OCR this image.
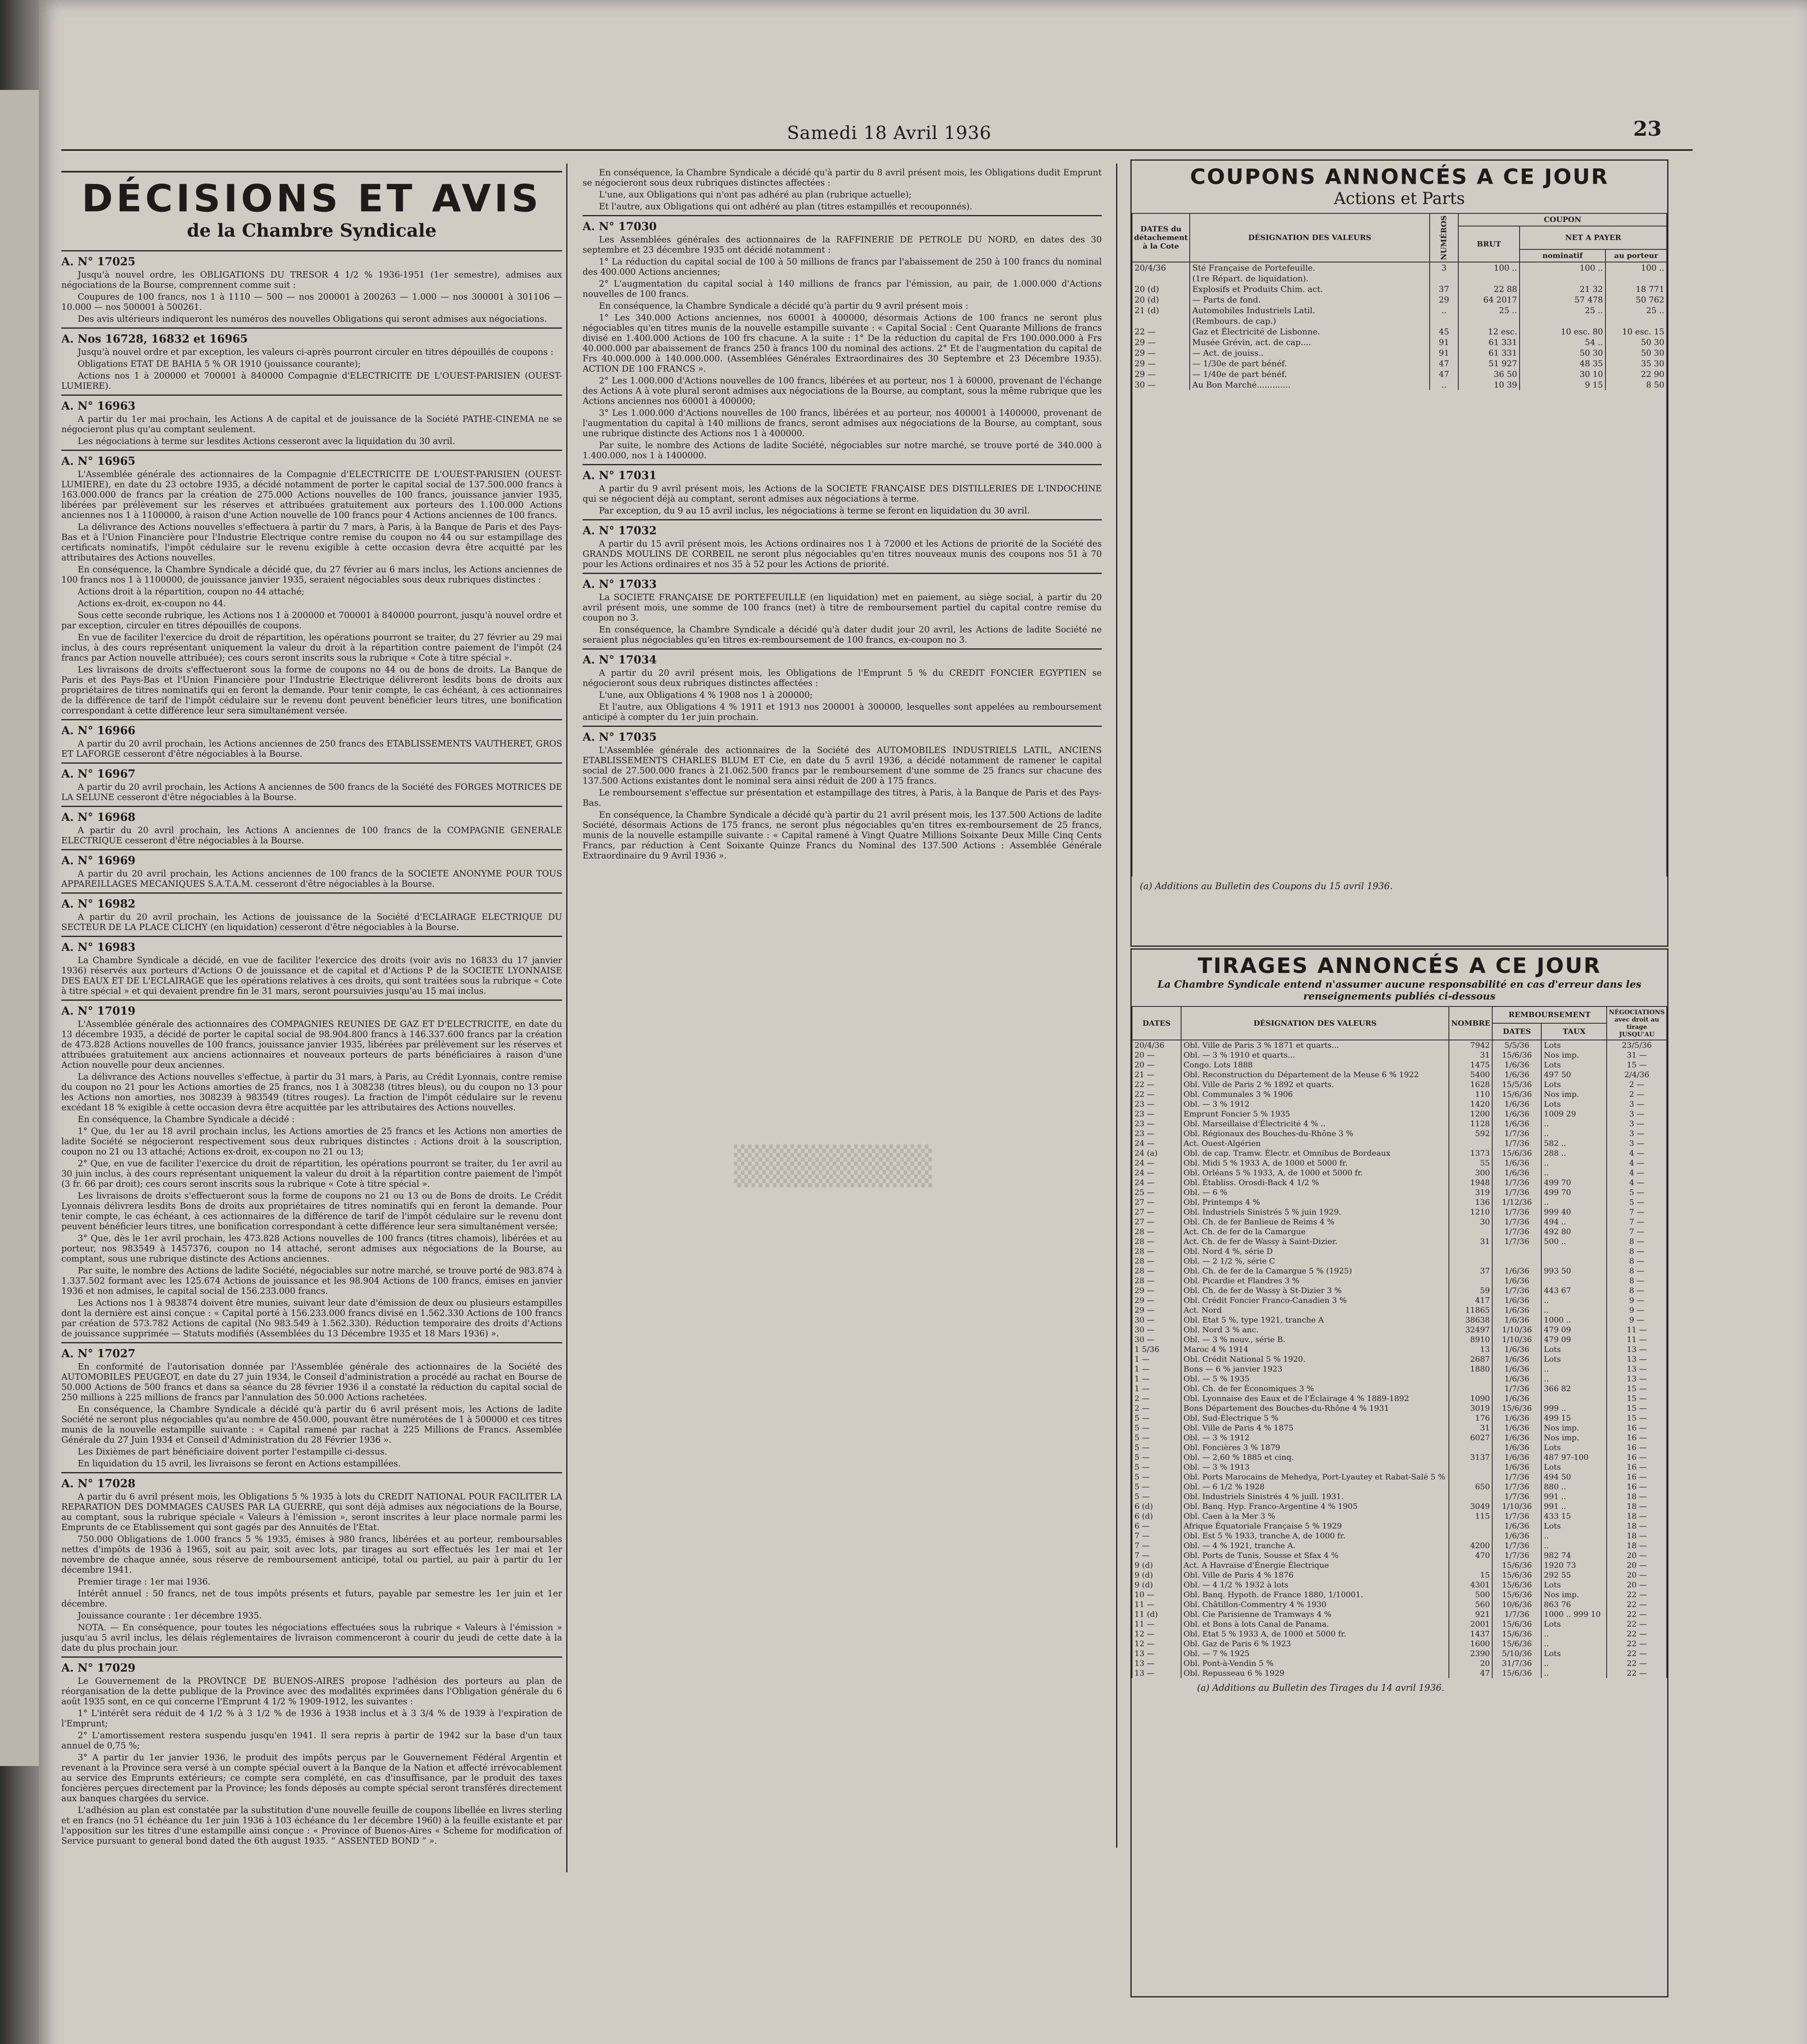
Samedi 18 Avril 1936	23
▒▒▒▒▒▒▒
DÉCISIONS ET AVIS
de la Chambre Syndicale
A. N° 17025

Jusqu'à nouvel ordre, les OBLIGATIONS DU TRESOR 4 1/2 % 1936-1951 (1er semestre), admises aux négociations de la Bourse, comprennent comme suit :

Coupures de 100 francs, nos 1 à 1110 — 500 — nos 200001 à 200263 — 1.000 — nos 300001 à 301106 — 10.000 — nos 500001 à 500261.

Des avis ultérieurs indiqueront les numéros des nouvelles Obligations qui seront admises aux négociations.

A. Nos 16728, 16832 et 16965

Jusqu'à nouvel ordre et par exception, les valeurs ci-après pourront circuler en titres dépouillés de coupons :

Obligations ETAT DE BAHIA 5 % OR 1910 (jouissance courante);

Actions nos 1 à 200000 et 700001 à 840000 Compagnie d'ELECTRICITE DE L'OUEST-PARISIEN (OUEST-LUMIERE).

A. N° 16963

A partir du 1er mai prochain, les Actions A de capital et de jouissance de la Société PATHE-CINEMA ne se négocieront plus qu'au comptant seulement.

Les négociations à terme sur lesdites Actions cesseront avec la liquidation du 30 avril.

A. N° 16965

L'Assemblée générale des actionnaires de la Compagnie d'ELECTRICITE DE L'OUEST-PARISIEN (OUEST-LUMIERE), en date du 23 octobre 1935, a décidé notamment de porter le capital social de 137.500.000 francs à 163.000.000 de francs par la création de 275.000 Actions nouvelles de 100 francs, jouissance janvier 1935, libérées par prélèvement sur les réserves et attribuées gratuitement aux porteurs des 1.100.000 Actions anciennes nos 1 à 1100000, à raison d'une Action nouvelle de 100 francs pour 4 Actions anciennes de 100 francs.

La délivrance des Actions nouvelles s'effectuera à partir du 7 mars, à Paris, à la Banque de Paris et des Pays-Bas et à l'Union Financière pour l'Industrie Electrique contre remise du coupon no 44 ou sur estampillage des certificats nominatifs, l'impôt cédulaire sur le revenu exigible à cette occasion devra être acquitté par les attributaires des Actions nouvelles.

En conséquence, la Chambre Syndicale a décidé que, du 27 février au 6 mars inclus, les Actions anciennes de 100 francs nos 1 à 1100000, de jouissance janvier 1935, seraient négociables sous deux rubriques distinctes :

Actions droit à la répartition, coupon no 44 attaché;

Actions ex-droit, ex-coupon no 44.

Sous cette seconde rubrique, les Actions nos 1 à 200000 et 700001 à 840000 pourront, jusqu'à nouvel ordre et par exception, circuler en titres dépouillés de coupons.

En vue de faciliter l'exercice du droit de répartition, les opérations pourront se traiter, du 27 février au 29 mai inclus, à des cours représentant uniquement la valeur du droit à la répartition contre paiement de l'impôt (24 francs par Action nouvelle attribuée); ces cours seront inscrits sous la rubrique « Cote à titre spécial ».

Les livraisons de droits s'effectueront sous la forme de coupons no 44 ou de bons de droits. La Banque de Paris et des Pays-Bas et l'Union Financière pour l'Industrie Electrique délivreront lesdits bons de droits aux propriétaires de titres nominatifs qui en feront la demande. Pour tenir compte, le cas échéant, à ces actionnaires de la différence de tarif de l'impôt cédulaire sur le revenu dont peuvent bénéficier leurs titres, une bonification correspondant à cette différence leur sera simultanément versée.

A. N° 16966

A partir du 20 avril prochain, les Actions anciennes de 250 francs des ETABLISSEMENTS VAUTHERET, GROS ET LAFORGE cesseront d'être négociables à la Bourse.

A. N° 16967

A partir du 20 avril prochain, les Actions A anciennes de 500 francs de la Société des FORGES MOTRICES DE LA SELUNE cesseront d'être négociables à la Bourse.

A. N° 16968

A partir du 20 avril prochain, les Actions A anciennes de 100 francs de la COMPAGNIE GENERALE ELECTRIQUE cesseront d'être négociables à la Bourse.

A. N° 16969

A partir du 20 avril prochain, les Actions anciennes de 100 francs de la SOCIETE ANONYME POUR TOUS APPAREILLAGES MECANIQUES S.A.T.A.M. cesseront d'être négociables à la Bourse.

A. N° 16982

A partir du 20 avril prochain, les Actions de jouissance de la Société d'ECLAIRAGE ELECTRIQUE DU SECTEUR DE LA PLACE CLICHY (en liquidation) cesseront d'être négociables à la Bourse.

A. N° 16983

La Chambre Syndicale a décidé, en vue de faciliter l'exercice des droits (voir avis no 16833 du 17 janvier 1936) réservés aux porteurs d'Actions O de jouissance et de capital et d'Actions P de la SOCIETE LYONNAISE DES EAUX ET DE L'ECLAIRAGE que les opérations relatives à ces droits, qui sont traitées sous la rubrique « Cote à titre spécial » et qui devaient prendre fin le 31 mars, seront poursuivies jusqu'au 15 mai inclus.

A. N° 17019

L'Assemblée générale des actionnaires des COMPAGNIES REUNIES DE GAZ ET D'ELECTRICITE, en date du 13 décembre 1935, a décidé de porter le capital social de 98.904.800 francs à 146.337.600 francs par la création de 473.828 Actions nouvelles de 100 francs, jouissance janvier 1935, libérées par prélèvement sur les réserves et attribuées gratuitement aux anciens actionnaires et nouveaux porteurs de parts bénéficiaires à raison d'une Action nouvelle pour deux anciennes.

La délivrance des Actions nouvelles s'effectue, à partir du 31 mars, à Paris, au Crédit Lyonnais, contre remise du coupon no 21 pour les Actions amorties de 25 francs, nos 1 à 308238 (titres bleus), ou du coupon no 13 pour les Actions non amorties, nos 308239 à 983549 (titres rouges). La fraction de l'impôt cédulaire sur le revenu excédant 18 % exigible à cette occasion devra être acquittée par les attributaires des Actions nouvelles.

En conséquence, la Chambre Syndicale a décidé :

1° Que, du 1er au 18 avril prochain inclus, les Actions amorties de 25 francs et les Actions non amorties de ladite Société se négocieront respectivement sous deux rubriques distinctes : Actions droit à la souscription, coupon no 21 ou 13 attaché; Actions ex-droit, ex-coupon no 21 ou 13;

2° Que, en vue de faciliter l'exercice du droit de répartition, les opérations pourront se traiter, du 1er avril au 30 juin inclus, à des cours représentant uniquement la valeur du droit à la répartition contre paiement de l'impôt (3 fr. 66 par droit); ces cours seront inscrits sous la rubrique « Cote à titre spécial ».

Les livraisons de droits s'effectueront sous la forme de coupons no 21 ou 13 ou de Bons de droits. Le Crédit Lyonnais délivrera lesdits Bons de droits aux propriétaires de titres nominatifs qui en feront la demande. Pour tenir compte, le cas échéant, à ces actionnaires de la différence de tarif de l'impôt cédulaire sur le revenu dont peuvent bénéficier leurs titres, une bonification correspondant à cette différence leur sera simultanément versée;

3° Que, dès le 1er avril prochain, les 473.828 Actions nouvelles de 100 francs (titres chamois), libérées et au porteur, nos 983549 à 1457376, coupon no 14 attaché, seront admises aux négociations de la Bourse, au comptant, sous une rubrique distincte des Actions anciennes.

Par suite, le nombre des Actions de ladite Société, négociables sur notre marché, se trouve porté de 983.874 à 1.337.502 formant avec les 125.674 Actions de jouissance et les 98.904 Actions de 100 francs, émises en janvier 1936 et non admises, le capital social de 156.233.000 francs.

Les Actions nos 1 à 983874 doivent être munies, suivant leur date d'émission de deux ou plusieurs estampilles dont la dernière est ainsi conçue : « Capital porté à 156.233.000 francs divisé en 1.562.330 Actions de 100 francs par création de 573.782 Actions de capital (No 983.549 à 1.562.330). Réduction temporaire des droits d'Actions de jouissance supprimée — Statuts modifiés (Assemblées du 13 Décembre 1935 et 18 Mars 1936) ».

A. N° 17027

En conformité de l'autorisation donnée par l'Assemblée générale des actionnaires de la Société des AUTOMOBILES PEUGEOT, en date du 27 juin 1934, le Conseil d'administration a procédé au rachat en Bourse de 50.000 Actions de 500 francs et dans sa séance du 28 février 1936 il a constaté la réduction du capital social de 250 millions à 225 millions de francs par l'annulation des 50.000 Actions rachetées.

En conséquence, la Chambre Syndicale a décidé qu'à partir du 6 avril présent mois, les Actions de ladite Société ne seront plus négociables qu'au nombre de 450.000, pouvant être numérotées de 1 à 500000 et ces titres munis de la nouvelle estampille suivante : « Capital ramené par rachat à 225 Millions de Francs. Assemblée Générale du 27 Juin 1934 et Conseil d'Administration du 28 Février 1936 ».

Les Dixièmes de part bénéficiaire doivent porter l'estampille ci-dessus.

En liquidation du 15 avril, les livraisons se feront en Actions estampillées.

A. N° 17028

A partir du 6 avril présent mois, les Obligations 5 % 1935 à lots du CREDIT NATIONAL POUR FACILITER LA REPARATION DES DOMMAGES CAUSES PAR LA GUERRE, qui sont déjà admises aux négociations de la Bourse, au comptant, sous la rubrique spéciale « Valeurs à l'émission », seront inscrites à leur place normale parmi les Emprunts de ce Etablissement qui sont gagés par des Annuités de l'Etat.

750.000 Obligations de 1.000 francs 5 % 1935, émises à 980 francs, libérées et au porteur, remboursables nettes d'impôts de 1936 à 1965, soit au pair, soit avec lots, par tirages au sort effectués les 1er mai et 1er novembre de chaque année, sous réserve de remboursement anticipé, total ou partiel, au pair à partir du 1er décembre 1941.

Premier tirage : 1er mai 1936.

Intérêt annuel : 50 francs, net de tous impôts présents et futurs, payable par semestre les 1er juin et 1er décembre.

Jouissance courante : 1er décembre 1935.

NOTA. — En conséquence, pour toutes les négociations effectuées sous la rubrique « Valeurs à l'émission » jusqu'au 5 avril inclus, les délais réglementaires de livraison commenceront à courir du jeudi de cette date à la date du plus prochain jour.

A. N° 17029

Le Gouvernement de la PROVINCE DE BUENOS-AIRES propose l'adhésion des porteurs au plan de réorganisation de la dette publique de la Province avec des modalités exprimées dans l'Obligation générale du 6 août 1935 sont, en ce qui concerne l'Emprunt 4 1/2 % 1909-1912, les suivantes :

1° L'intérêt sera réduit de 4 1/2 % à 3 1/2 % de 1936 à 1938 inclus et à 3 3/4 % de 1939 à l'expiration de l'Emprunt;

2° L'amortissement restera suspendu jusqu'en 1941. Il sera repris à partir de 1942 sur la base d'un taux annuel de 0,75 %;

3° A partir du 1er janvier 1936, le produit des impôts perçus par le Gouvernement Fédéral Argentin et revenant à la Province sera versé à un compte spécial ouvert à la Banque de la Nation et affecté irrévocablement au service des Emprunts extérieurs; ce compte sera complété, en cas d'insuffisance, par le produit des taxes foncières perçues directement par la Province; les fonds déposés au compte spécial seront transférés directement aux banques chargées du service.

L'adhésion au plan est constatée par la substitution d'une nouvelle feuille de coupons libellée en livres sterling et en francs (no 51 échéance du 1er juin 1936 à 103 échéance du 1er décembre 1960) à la feuille existante et par l'apposition sur les titres d'une estampille ainsi conçue : « Province of Buenos-Aires « Scheme for modification of Service pursuant to general bond dated the 6th august 1935. “ ASSENTED BOND ” ».

En conséquence, la Chambre Syndicale a décidé qu'à partir du 8 avril présent mois, les Obligations dudit Emprunt se négocieront sous deux rubriques distinctes affectées :

L'une, aux Obligations qui n'ont pas adhéré au plan (rubrique actuelle);

Et l'autre, aux Obligations qui ont adhéré au plan (titres estampillés et recouponnés).

A. N° 17030

Les Assemblées générales des actionnaires de la RAFFINERIE DE PETROLE DU NORD, en dates des 30 septembre et 23 décembre 1935 ont décidé notamment :

1° La réduction du capital social de 100 à 50 millions de francs par l'abaissement de 250 à 100 francs du nominal des 400.000 Actions anciennes;

2° L'augmentation du capital social à 140 millions de francs par l'émission, au pair, de 1.000.000 d'Actions nouvelles de 100 francs.

En conséquence, la Chambre Syndicale a décidé qu'à partir du 9 avril présent mois :

1° Les 340.000 Actions anciennes, nos 60001 à 400000, désormais Actions de 100 francs ne seront plus négociables qu'en titres munis de la nouvelle estampille suivante : « Capital Social : Cent Quarante Millions de francs divisé en 1.400.000 Actions de 100 frs chacune. A la suite : 1° De la réduction du capital de Frs 100.000.000 à Frs 40.000.000 par abaissement de francs 250 à francs 100 du nominal des actions. 2° Et de l'augmentation du capital de Frs 40.000.000 à 140.000.000. (Assemblées Générales Extraordinaires des 30 Septembre et 23 Décembre 1935). ACTION DE 100 FRANCS ».

2° Les 1.000.000 d'Actions nouvelles de 100 francs, libérées et au porteur, nos 1 à 60000, provenant de l'échange des Actions A à vote plural seront admises aux négociations de la Bourse, au comptant, sous la même rubrique que les Actions anciennes nos 60001 à 400000;

3° Les 1.000.000 d'Actions nouvelles de 100 francs, libérées et au porteur, nos 400001 à 1400000, provenant de l'augmentation du capital à 140 millions de francs, seront admises aux négociations de la Bourse, au comptant, sous une rubrique distincte des Actions nos 1 à 400000.

Par suite, le nombre des Actions de ladite Société, négociables sur notre marché, se trouve porté de 340.000 à 1.400.000, nos 1 à 1400000.

A. N° 17031

A partir du 9 avril présent mois, les Actions de la SOCIETE FRANÇAISE DES DISTILLERIES DE L'INDOCHINE qui se négocient déjà au comptant, seront admises aux négociations à terme.

Par exception, du 9 au 15 avril inclus, les négociations à terme se feront en liquidation du 30 avril.

A. N° 17032

A partir du 15 avril présent mois, les Actions ordinaires nos 1 à 72000 et les Actions de priorité de la Société des GRANDS MOULINS DE CORBEIL ne seront plus négociables qu'en titres nouveaux munis des coupons nos 51 à 70 pour les Actions ordinaires et nos 35 à 52 pour les Actions de priorité.

A. N° 17033

La SOCIETE FRANÇAISE DE PORTEFEUILLE (en liquidation) met en paiement, au siège social, à partir du 20 avril présent mois, une somme de 100 francs (net) à titre de remboursement partiel du capital contre remise du coupon no 3.

En conséquence, la Chambre Syndicale a décidé qu'à dater dudit jour 20 avril, les Actions de ladite Société ne seraient plus négociables qu'en titres ex-remboursement de 100 francs, ex-coupon no 3.

A. N° 17034

A partir du 20 avril présent mois, les Obligations de l'Emprunt 5 % du CREDIT FONCIER EGYPTIEN se négocieront sous deux rubriques distinctes affectées :

L'une, aux Obligations 4 % 1908 nos 1 à 200000;

Et l'autre, aux Obligations 4 % 1911 et 1913 nos 200001 à 300000, lesquelles sont appelées au remboursement anticipé à compter du 1er juin prochain.

A. N° 17035

L'Assemblée générale des actionnaires de la Société des AUTOMOBILES INDUSTRIELS LATIL, ANCIENS ETABLISSEMENTS CHARLES BLUM ET Cie, en date du 5 avril 1936, a décidé notamment de ramener le capital social de 27.500.000 francs à 21.062.500 francs par le remboursement d'une somme de 25 francs sur chacune des 137.500 Actions existantes dont le nominal sera ainsi réduit de 200 à 175 francs.

Le remboursement s'effectue sur présentation et estampillage des titres, à Paris, à la Banque de Paris et des Pays-Bas.

En conséquence, la Chambre Syndicale a décidé qu'à partir du 21 avril présent mois, les 137.500 Actions de ladite Société, désormais Actions de 175 francs, ne seront plus négociables qu'en titres ex-remboursement de 25 francs, munis de la nouvelle estampille suivante : « Capital ramené à Vingt Quatre Millions Soixante Deux Mille Cinq Cents Francs, par réduction à Cent Soixante Quinze Francs du Nominal des 137.500 Actions : Assemblée Générale Extraordinaire du 9 Avril 1936 ».

COUPONS ANNONCÉS A CE JOUR
Actions et Parts
DATES du détachement à la Cote	DÉSIGNATION DES VALEURS	NUMÉROS	COUPON		
			BRUT	NET A PAYER	
				nominatif	au porteur
20/4/36	Sté Française de Portefeuille.	3	100 ..	100 ..	100 ..
	(1re Répart. de liquidation).				
20 (d)	Explosifs et Produits Chim. act.	37	22 88	21 32	18 771
20 (d)	— Parts de fond.	29	64 2017	57 478	50 762
21 (d)	Automobiles Industriels Latil.	..	25 ..	25 ..	25 ..
	(Rembours. de cap.)				
22 —	Gaz et Électricité de Lisbonne.	45	12 esc.	10 esc. 80	10 esc. 15
29 —	Musée Grévin, act. de cap....	91	61 331	54 ..	50 30
29 —	— Act. de jouiss..	91	61 331	50 30	50 30
29 —	— 1/30e de part bénéf.	47	51 927	48 35	35 30
29 —	— 1/40e de part bénéf.	47	36 50	30 10	22 90
30 —	Au Bon Marché.............	..	10 39	9 15	8 50
(a) Additions au Bulletin des Coupons du 15 avril 1936.
TIRAGES ANNONCÉS A CE JOUR
La Chambre Syndicale entend n'assumer aucune responsabilité en cas d'erreur dans les renseignements publiés ci-dessous
DATES	DÉSIGNATION DES VALEURS	NOMBRE	REMBOURSEMENT		NÉGOCIATIONS avec droit au tirage JUSQU'AU
			DATES	TAUX	
20/4/36	Obl. Ville de Paris 3 % 1871 et quarts...	7942	5/5/36	Lots	23/5/36
20 —	Obl. — 3 % 1910 et quarts...	31	15/6/36	Nos imp.	31 —
20 —	Congo. Lots 1888	1475	1/6/36	Lots	15 —
21 —	Obl. Reconstruction du Département de la Meuse 6 % 1922	5400	1/6/36	497 50	2/4/36
22 —	Obl. Ville de Paris 2 % 1892 et quarts.	1628	15/5/36	Lots	2 —
22 —	Obl. Communales 3 % 1906	110	15/6/36	Nos imp.	2 —
23 —	Obl. — 3 % 1912	1420	1/6/36	Lots	3 —
23 —	Emprunt Foncier 5 % 1935	1200	1/6/36	1009 29	3 —
23 —	Obl. Marseillaise d'Électricité 4 % ..	1128	1/6/36	..	3 —
23 —	Obl. Régionaux des Bouches-du-Rhône 3 %	592	1/7/36	..	3 —
24 —	Act. Ouest-Algérien		1/7/36	582 ..	3 —
24 (a)	Obl. de cap. Tramw. Électr. et Omnibus de Bordeaux	1373	15/6/36	288 ..	4 —
24 —	Obl. Midi 5 % 1933 A, de 1000 et 5000 fr.	55	1/6/36	..	4 —
24 —	Obl. Orléans 5 % 1933, A, de 1000 et 5000 fr.	300	1/6/36	..	4 —
24 —	Obl. Établiss. Orosdi-Back 4 1/2 %	1948	1/7/36	499 70	4 —
25 —	Obl. — 6 %	319	1/7/36	499 70	5 —
27 —	Obl. Printemps 4 %	136	1/12/36	..	5 —
27 —	Obl. Industriels Sinistrés 5 % juin 1929.	1210	1/7/36	999 40	7 —
27 —	Obl. Ch. de fer Banlieue de Reims 4 %	30	1/7/36	494 ..	7 —
28 —	Act. Ch. de fer de la Camargue		1/7/36	492 80	7 —
28 —	Act. Ch. de fer de Wassy à Saint-Dizier.	31	1/7/36	500 ..	8 —
28 —	Obl. Nord 4 %, série D				8 —
28 —	Obl. — 2 1/2 %, série C				8 —
28 —	Obl. Ch. de fer de la Camargue 5 % (1925)	37	1/6/36	993 50	8 —
28 —	Obl. Picardie et Flandres 3 %		1/6/36		8 —
29 —	Obl. Ch. de fer de Wassy à St-Dizier 3 %	59	1/7/36	443 67	8 —
29 —	Obl. Crédit Foncier Franco-Canadien 3 %	417	1/6/36	..	9 —
29 —	Act. Nord	11865	1/6/36	..	9 —
30 —	Obl. Etat 5 %, type 1921, tranche A	38638	1/6/36	1000 ..	9 —
30 —	Obl. Nord 3 % anc.	32497	1/10/36	479 09	11 —
30 —	Obl. — 3 % nouv., série B.	8910	1/10/36	479 09	11 —
1 5/36	Maroc 4 % 1914	13	1/6/36	Lots	13 —
1 —	Obl. Crédit National 5 % 1920.	2687	1/6/36	Lots	13 —
1 —	Bons — 6 % janvier 1923	1880	1/6/36	..	13 —
1 —	Obl. — 5 % 1935		1/6/36	..	13 —
1 —	Obl. Ch. de fer Économiques 3 %		1/7/36	366 82	15 —
2 —	Obl. Lyonnaise des Eaux et de l'Éclairage 4 % 1889-1892	1090	1/6/36		15 —
2 —	Bons Département des Bouches-du-Rhône 4 % 1931	3019	15/6/36	999 ..	15 —
5 —	Obl. Sud-Électrique 5 %	176	1/6/36	499 15	15 —
5 —	Obl. Ville de Paris 4 % 1875	31	1/6/36	Nos imp.	16 —
5 —	Obl. — 3 % 1912	6027	1/6/36	Nos imp.	16 —
5 —	Obl. Foncières 3 % 1879		1/6/36	Lots	16 —
5 —	Obl. — 2,60 % 1885 et cinq.	3137	1/6/36	487 97-100	16 —
5 —	Obl. — 3 % 1913		1/6/36	Lots	16 —
5 —	Obl. Ports Marocains de Mehedya, Port-Lyautey et Rabat-Salé 5 %		1/7/36	494 50	16 —
5 —	Obl. — 6 1/2 % 1928	650	1/7/36	880 ..	16 —
5 —	Obl. Industriels Sinistrés 4 % juill. 1931.		1/7/36	991 ..	18 —
6 (d)	Obl. Banq. Hyp. Franco-Argentine 4 % 1905	3049	1/10/36	991 ..	18 —
6 (d)	Obl. Caen à la Mer 3 %	115	1/7/36	433 15	18 —
6 —	Afrique Équatoriale Française 5 % 1929		1/6/36	Lots	18 —
7 —	Obl. Est 5 % 1933, tranche A, de 1000 fr.		1/6/36	..	18 —
7 —	Obl. — 4 % 1921, tranche A.	4200	1/7/36	..	18 —
7 —	Obl. Ports de Tunis, Sousse et Sfax 4 %	470	1/7/36	982 74	20 —
9 (d)	Act. A Havraise d'Énergie Électrique		15/6/36	1920 73	20 —
9 (d)	Obl. Ville de Paris 4 % 1876	15	15/6/36	292 55	20 —
9 (d)	Obl. — 4 1/2 % 1932 à lots	4301	15/6/36	Lots	20 —
10 —	Obl. Banq. Hypoth. de France 1880, 1/10001.	500	15/6/36	Nos imp.	22 —
11 —	Obl. Châtillon-Commentry 4 % 1930	560	10/6/36	863 76	22 —
11 (d)	Obl. Cie Parisienne de Tramways 4 %	921	1/7/36	1000 .. 999 10	22 —
11 —	Obl. et Bons à lots Canal de Panama.	2001	15/6/36	Lots	22 —
12 —	Obl. Etat 5 % 1933 A, de 1000 et 5000 fr.	1437	15/6/36	..	22 —
12 —	Obl. Gaz de Paris 6 % 1923	1600	15/6/36	..	22 —
13 —	Obl. — 7 % 1925	2390	5/10/36	Lots	22 —
13 —	Obl. Pont-à-Vendin 5 %	20	31/7/36	..	22 —
13 —	Obl. Repusseau 6 % 1929	47	15/6/36	..	22 —
(a) Additions au Bulletin des Tirages du 14 avril 1936.
